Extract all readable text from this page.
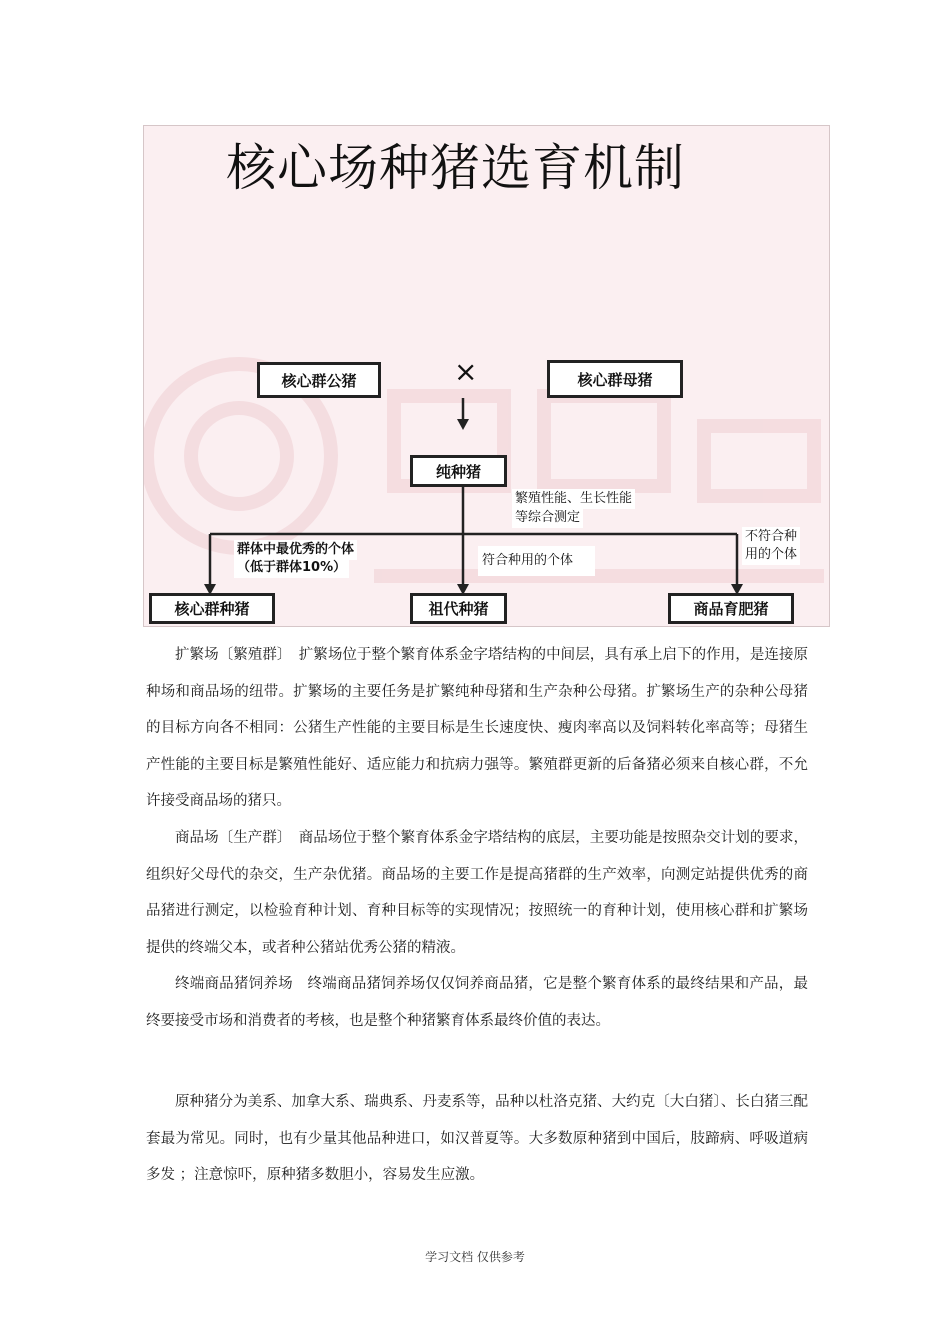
核心场种猪选育机制
核心群公猪	×	核心群母猪
纯种猪
繁殖性能、生长性能
等综合测定
群体中最优秀的个体
（低于群体10%）	符合种用的个体
不符合种
用的个体
核心群种猪	祖代种猪	商品育肥猪

扩繁场〔繁殖群〕　扩繁场位于整个繁育体系金字塔结构的中间层，具有承上启下的作用，是连接原种场和商品场的纽带。扩繁场的主要任务是扩繁纯种母猪和生产杂种公母猪。扩繁场生产的杂种公母猪的目标方向各不相同：公猪生产性能的主要目标是生长速度快、瘦肉率高以及饲料转化率高等；母猪生产性能的主要目标是繁殖性能好、适应能力和抗病力强等。繁殖群更新的后备猪必须来自核心群，不允许接受商品场的猪只。

商品场〔生产群〕　商品场位于整个繁育体系金字塔结构的底层，主要功能是按照杂交计划的要求，组织好父母代的杂交，生产杂优猪。商品场的主要工作是提高猪群的生产效率，向测定站提供优秀的商品猪进行测定，以检验育种计划、育种目标等的实现情况；按照统一的育种计划，使用核心群和扩繁场提供的终端父本，或者种公猪站优秀公猪的精液。

终端商品猪饲养场　终端商品猪饲养场仅仅饲养商品猪，它是整个繁育体系的最终结果和产品，最终要接受市场和消费者的考核，也是整个种猪繁育体系最终价值的表达。

原种猪分为美系、加拿大系、瑞典系、丹麦系等，品种以杜洛克猪、大约克〔大白猪〕、长白猪三配套最为常见。同时，也有少量其他品种进口，如汉普夏等。大多数原种猪到中国后，肢蹄病、呼吸道病多发 ；注意惊吓，原种猪多数胆小，容易发生应激。

学习文档 仅供参考
